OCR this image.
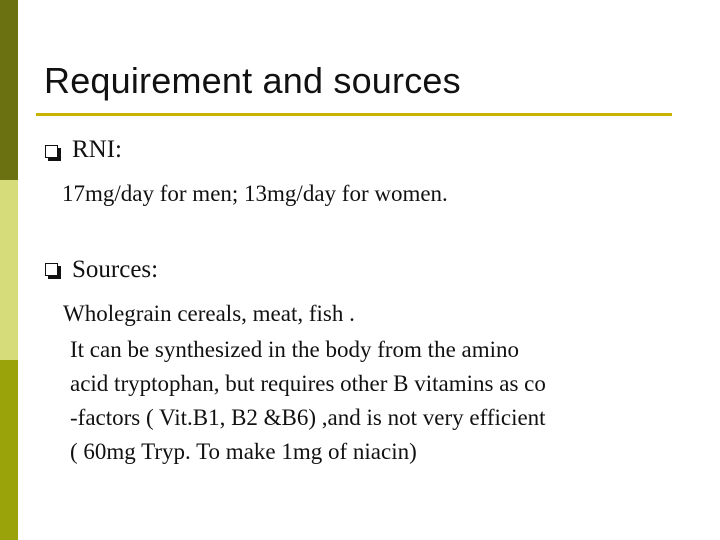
Requirement and sources
RNI:
17mg/day for men; 13mg/day for women.
Sources:
Wholegrain cereals, meat, fish .
It can be synthesized in the body from the amino
acid tryptophan, but requires other B vitamins as co
-factors ( Vit.B1, B2 &B6) ,and is not very efficient
( 60mg Tryp. To make 1mg of niacin)
